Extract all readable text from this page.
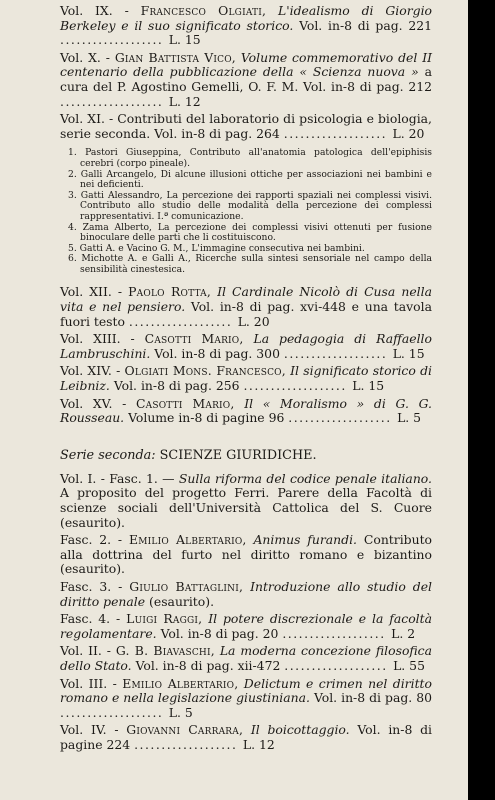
Vol. IX. - Francesco Olgiati, L'idealismo di Giorgio Berkeley e il suo significato storico. Vol. in-8 di pag. 221 ................... L. 15

Vol. X. - Gian Battista Vico, Volume commemorativo del II centenario della pubblicazione della « Scienza nuova » a cura del P. Agostino Gemelli, O. F. M. Vol. in-8 di pag. 212 ................... L. 12

Vol. XI. - Contributi del laboratorio di psicologia e biologia, serie seconda. Vol. in-8 di pag. 264 ................... L. 20

1. Pastori Giuseppina, Contributo all'anatomia patologica dell'epiphisis cerebri (corpo pineale).

2. Galli Arcangelo, Di alcune illusioni ottiche per associazioni nei bambini e nei deficienti.

3. Gatti Alessandro, La percezione dei rapporti spaziali nei complessi visivi. Contributo allo studio delle modalità della percezione dei complessi rappresentativi. I.ª comunicazione.

4. Zama Alberto, La percezione dei complessi visivi ottenuti per fusione binoculare delle parti che li costituiscono.

5. Gatti A. e Vacino G. M., L'immagine consecutiva nei bambini.

6. Michotte A. e Galli A., Ricerche sulla sintesi sensoriale nel campo della sensibilità cinestesica.

Vol. XII. - Paolo Rotta, Il Cardinale Nicolò di Cusa nella vita e nel pensiero. Vol. in-8 di pag. xvi-448 e una tavola fuori testo ................... L. 20

Vol. XIII. - Casotti Mario, La pedagogia di Raffaello Lambruschini. Vol. in-8 di pag. 300 ................... L. 15

Vol. XIV. - Olgiati Mons. Francesco, Il significato storico di Leibniz. Vol. in-8 di pag. 256 ................... L. 15

Vol. XV. - Casotti Mario, Il « Moralismo » di G. G. Rousseau. Volume in-8 di pagine 96 ................... L. 5

Serie seconda: SCIENZE GIURIDICHE.

Vol. I. - Fasc. 1. — Sulla riforma del codice penale italiano. A proposito del progetto Ferri. Parere della Facoltà di scienze sociali dell'Università Cattolica del S. Cuore (esaurito).

Fasc. 2. - Emilio Albertario, Animus furandi. Contributo alla dottrina del furto nel diritto romano e bizantino (esaurito).

Fasc. 3. - Giulio Battaglini, Introduzione allo studio del diritto penale (esaurito).

Fasc. 4. - Luigi Raggi, Il potere discrezionale e la facoltà regolamentare. Vol. in-8 di pag. 20 ................... L. 2

Vol. II. - G. B. Biavaschi, La moderna concezione filosofica dello Stato. Vol. in-8 di pag. xii-472 ................... L. 55

Vol. III. - Emilio Albertario, Delictum e crimen nel diritto romano e nella legislazione giustiniana. Vol. in-8 di pag. 80 ................... L. 5

Vol. IV. - Giovanni Carrara, Il boicottaggio. Vol. in-8 di pagine 224 ................... L. 12
